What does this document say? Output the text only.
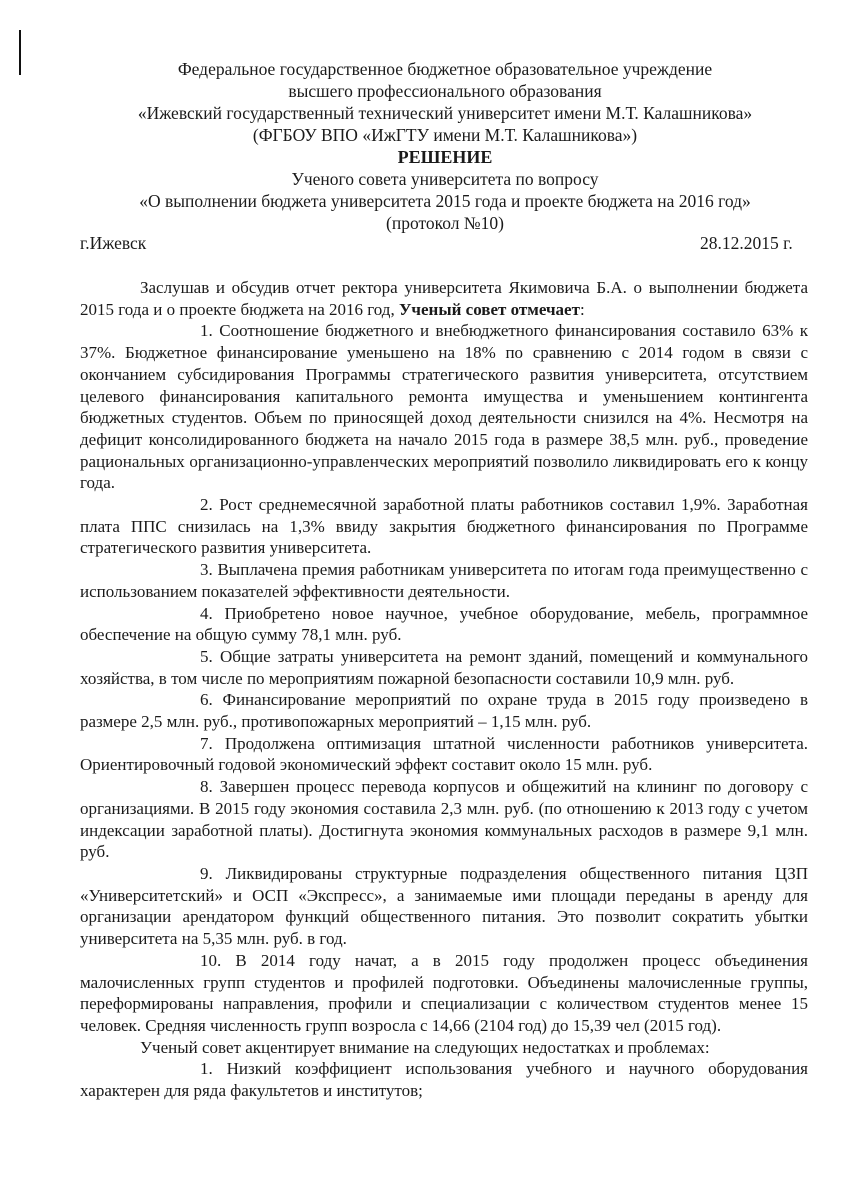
Федеральное государственное бюджетное образовательное учреждение
высшего профессионального образования
«Ижевский государственный технический университет имени М.Т. Калашникова»
(ФГБОУ ВПО «ИжГТУ имени М.Т. Калашникова»)
РЕШЕНИЕ
Ученого совета университета по вопросу
«О выполнении бюджета университета 2015 года и проекте бюджета на 2016 год»
(протокол №10)
г.Ижевск	28.12.2015 г.

Заслушав и обсудив отчет ректора университета Якимовича Б.А. о выполнении бюджета 2015 года и о проекте бюджета на 2016 год, Ученый совет отмечает:

1. Соотношение бюджетного и внебюджетного финансирования составило 63% к 37%. Бюджетное финансирование уменьшено на 18% по сравнению с 2014 годом в связи с окончанием субсидирования Программы стратегического развития университета, отсутствием целевого финансирования капитального ремонта имущества и уменьшением контингента бюджетных студентов. Объем по приносящей доход деятельности снизился на 4%. Несмотря на дефицит консолидированного бюджета на начало 2015 года в размере 38,5 млн. руб., проведение рациональных организационно-управленческих мероприятий позволило ликвидировать его к концу года.

2. Рост среднемесячной заработной платы работников составил 1,9%. Заработная плата ППС снизилась на 1,3% ввиду закрытия бюджетного финансирования по Программе стратегического развития университета.

3. Выплачена премия работникам университета по итогам года преимущественно с использованием показателей эффективности деятельности.

4. Приобретено новое научное, учебное оборудование, мебель, программное обеспечение на общую сумму 78,1 млн. руб.

5. Общие затраты университета на ремонт зданий, помещений и коммунального хозяйства, в том числе по мероприятиям пожарной безопасности составили 10,9 млн. руб.

6. Финансирование мероприятий по охране труда в 2015 году произведено в размере 2,5 млн. руб., противопожарных мероприятий – 1,15 млн. руб.

7. Продолжена оптимизация штатной численности работников университета. Ориентировочный годовой экономический эффект составит около 15 млн. руб.

8. Завершен процесс перевода корпусов и общежитий на клининг по договору с организациями. В 2015 году экономия составила 2,3 млн. руб. (по отношению к 2013 году с учетом индексации заработной платы). Достигнута экономия коммунальных расходов в размере 9,1 млн. руб.

9. Ликвидированы структурные подразделения общественного питания ЦЗП «Университетский» и ОСП «Экспресс», а занимаемые ими площади переданы в аренду для организации арендатором функций общественного питания. Это позволит сократить убытки университета на 5,35 млн. руб. в год.

10. В 2014 году начат, а в 2015 году продолжен процесс объединения малочисленных групп студентов и профилей подготовки. Объединены малочисленные группы, переформированы направления, профили и специализации с количеством студентов менее 15 человек. Средняя численность групп возросла с 14,66 (2104 год) до 15,39 чел (2015 год).

Ученый совет акцентирует внимание на следующих недостатках и проблемах:

1. Низкий коэффициент использования учебного и научного оборудования характерен для ряда факультетов и институтов;
